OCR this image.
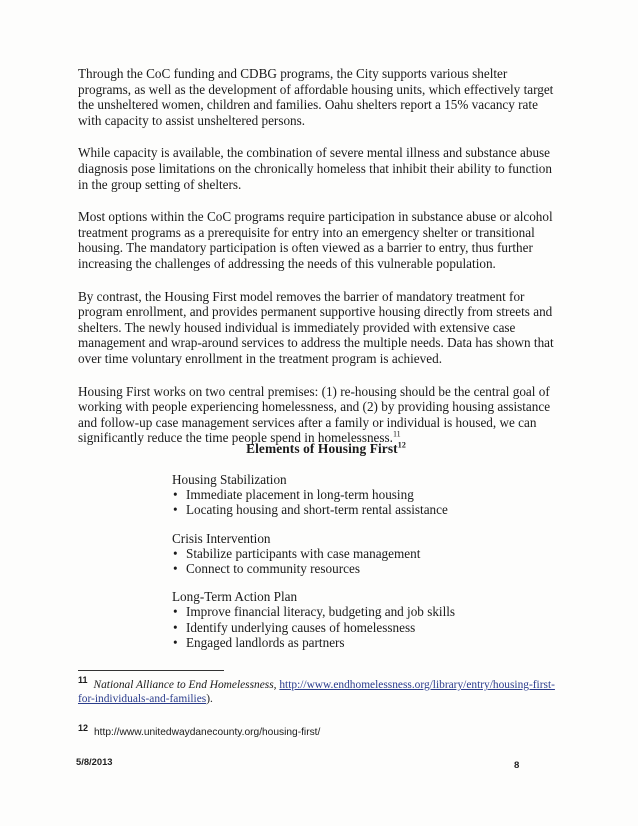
Through the CoC funding and CDBG programs, the City supports various shelter programs, as well as the development of affordable housing units, which effectively target the unsheltered women, children and families. Oahu shelters report a 15% vacancy rate with capacity to assist unsheltered persons.

While capacity is available, the combination of severe mental illness and substance abuse diagnosis pose limitations on the chronically homeless that inhibit their ability to function in the group setting of shelters.

Most options within the CoC programs require participation in substance abuse or alcohol treatment programs as a prerequisite for entry into an emergency shelter or transitional housing. The mandatory participation is often viewed as a barrier to entry, thus further increasing the challenges of addressing the needs of this vulnerable population.

By contrast, the Housing First model removes the barrier of mandatory treatment for program enrollment, and provides permanent supportive housing directly from streets and shelters. The newly housed individual is immediately provided with extensive case management and wrap-around services to address the multiple needs. Data has shown that over time voluntary enrollment in the treatment program is achieved.

Housing First works on two central premises: (1) re-housing should be the central goal of working with people experiencing homelessness, and (2) by providing housing assistance and follow-up case management services after a family or individual is housed, we can significantly reduce the time people spend in homelessness.$^{11}$

Elements of Housing First$^{12}$

Housing Stabilization

• Immediate placement in long-term housing
• Locating housing and short-term rental assistance

Crisis Intervention

• Stabilize participants with case management
• Connect to community resources

Long-Term Action Plan

• Improve financial literacy, budgeting and job skills
• Identify underlying causes of homelessness
• Engaged landlords as partners

$^{11}$ National Alliance to End Homelessness, http://www.endhomelessness.org/library/entry/housing-first-for-individuals-and-families).

12 http://www.unitedwaydanecounty.org/housing-first/

5/8/2013	8
